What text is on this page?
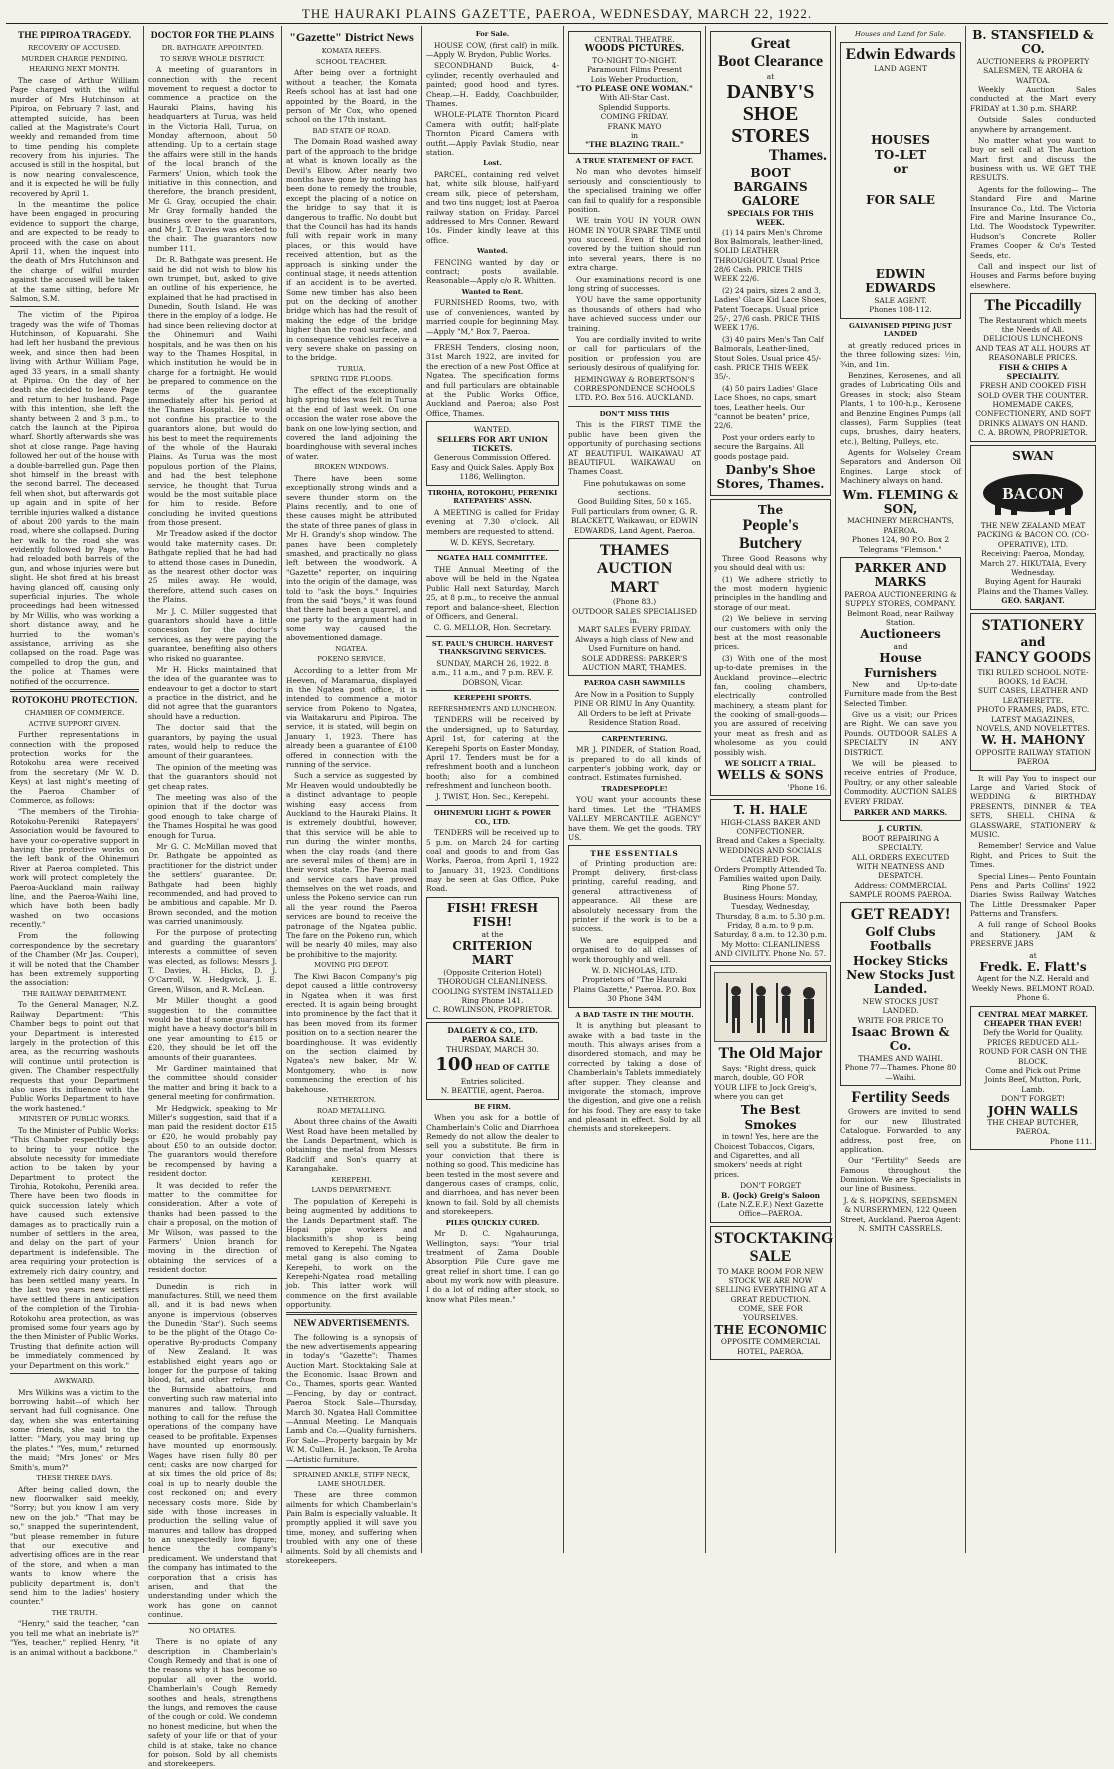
THE HAURAKI PLAINS GAZETTE, PAEROA, WEDNESDAY, MARCH 22, 1922.
THE PIPIROA TRAGEDY.
RECOVERY OF ACCUSED.
MURDER CHARGE PENDING.
HEARING NEXT MONTH.

The case of Arthur William Page charged with the wilful murder of Mrs Hutchinson at Pipiroa, on February 7 last, and attempted suicide, has been called at the Magistrate's Court weekly and remanded from time to time pending his complete recovery from his injuries. The accused is still in the hospital, but is now nearing convalescence, and it is expected he will be fully recovered by April 1.

In the meantime the police have been engaged in procuring evidence to support the charge, and are expected to be ready to proceed with the case on about April 11, when the inquest into the death of Mrs Hutchinson and the charge of wilful murder against the accused will be taken at the same sitting, before Mr Salmon, S.M.

The victim of the Pipiroa tragedy was the wife of Thomas Hutchinson, of Kopuarahi. She had left her husband the previous week, and since then had been living with Arthur William Page, aged 33 years, in a small shanty at Pipiroa. On the day of her death she decided to leave Page and return to her husband. Page with this intention, she left the shanty between 2 and 3 p.m., to catch the launch at the Pipiroa wharf. Shortly afterwards she was shot at close range. Page having followed her out of the house with a double-barrelled gun. Page then shot himself in the breast with the second barrel. The deceased fell when shot, but afterwards got up again and in spite of her terrible injuries walked a distance of about 200 yards to the main road, where she collapsed. During her walk to the road she was evidently followed by Page, who had reloaded both barrels of the gun, and whose injuries were but slight. He shot fired at his breast having glanced off, causing only superficial injuries. The whole proceedings had been witnessed by Mr Willis, who was working a short distance away, and he hurried to the woman's assistance, arriving as she collapsed on the road. Page was compelled to drop the gun, and the police at Thames were notified of the occurrence.

ROTOKOHU PROTECTION.
CHAMBER OF COMMERCE.
ACTIVE SUPPORT GIVEN.

Further representations in connection with the proposed protection works for the Rotokohu area were received from the secretary (Mr W. D. Keys) at last night's meeting of the Paeroa Chamber of Commerce, as follows:

"The members of the Tirohia-Rotokohu-Pereniki Ratepayers' Association would be favoured to have your co-operative support in having the protective works on the left bank of the Ohinemuri River at Paeroa completed. This work will protect completely the Paeroa-Auckland main railway line, and the Paeroa-Waihi line, which have both been badly washed on two occasions recently."

From the following correspondence by the secretary of the Chamber (Mr Jas. Couper), it will be noted that the Chamber has been extremely supporting the association:

THE RAILWAY DEPARTMENT.

To the General Manager, N.Z. Railway Department: "This Chamber begs to point out that your Department is interested largely in the protection of this area, as the recurring washouts will continue until protection is given. The Chamber respectfully requests that your Department also uses its influence with the Public Works Department to have the work hastened."

MINISTER OF PUBLIC WORKS.

To the Minister of Public Works: "This Chamber respectfully begs to bring to your notice the absolute necessity for immediate action to be taken by your Department to protect the Tirohia, Rotokohu, Pereniki area. There have been two floods in quick succession lately which have caused such extensive damages as to practically ruin a number of settlers in the area, and delay on the part of your department is indefensible. The area requiring your protection is extremely rich dairy country, and has been settled many years. In the last two years new settlers have settled there in anticipation of the completion of the Tirohia-Rotokohu area protection, as was promised some four years ago by the then Minister of Public Works. Trusting that definite action will be immediately commenced by your Department on this work."

AWKWARD.

Mrs Wilkins was a victim to the borrowing habit—of which her servant had full cognisance. One day, when she was entertaining some friends, she said to the latter: "Mary, you may bring up the plates." "Yes, mum," returned the maid; "Mrs Jones' or Mrs Smith's, mum?"

THESE THREE DAYS.

After being called down, the new floorwalker said meekly, "Sorry; but you know I am very new on the job." "That may be so," snapped the superintendent, "but please remember in future that our executive and advertising offices are in the rear of the store, and when a man wants to know where the publicity department is, don't send him to the ladies' hosiery counter."

THE TRUTH.

"Henry," said the teacher, "can you tell me what an inebriate is?" "Yes, teacher," replied Henry, "it is an animal without a backbone."

DOCTOR FOR THE PLAINS
DR. BATHGATE APPOINTED.
TO SERVE WHOLE DISTRICT.

A meeting of guarantors in connection with the recent movement to request a doctor to commence a practice on the Hauraki Plains, having his headquarters at Turua, was held in the Victoria Hall, Turua, on Monday afternoon, about 50 attending. Up to a certain stage the affairs were still in the hands of the local branch of the Farmers' Union, which took the initiative in this connection, and therefore, the branch president, Mr G. Gray, occupied the chair. Mr Gray formally handed the business over to the guarantors, and Mr J. T. Davies was elected to the chair. The guarantors now number 111.

Dr. R. Bathgate was present. He said he did not wish to blow his own trumpet, but, asked to give an outline of his experience, he explained that he had practised in Dunedin, South Island. He was there in the employ of a lodge. He had since been relieving doctor at the Ohinemuri and Waihi hospitals, and he was then on his way to the Thames Hospital, in which institution he would be in charge for a fortnight. He would be prepared to commence on the terms of the guarantee immediately after his period at the Thames Hospital. He would not confine his practice to the guarantors alone, but would do his best to meet the requirements of the whole of the Hauraki Plains. As Turua was the most populous portion of the Plains, and had the best telephone service, he thought that Turua would be the most suitable place for him to reside. Before concluding he invited questions from those present.

Mr Treadow asked if the doctor would take maternity cases. Dr. Bathgate replied that he had had to attend those cases in Dunedin, as the nearest other doctor was 25 miles away. He would, therefore, attend such cases on the Plains.

Mr J. C. Miller suggested that guarantors should have a little concession for the doctor's services, as they were paying the guarantee, benefiting also others who risked no guarantee.

Mr H. Hicks maintained that the idea of the guarantee was to endeavour to get a doctor to start a practice in the district, and he did not agree that the guarantors should have a reduction.

The doctor said that the guarantors, by paying the usual rates, would help to reduce the amount of their guarantees.

The opinion of the meeting was that the guarantors should not get cheap rates.

The meeting was also of the opinion that if the doctor was good enough to take charge of the Thames Hospital he was good enough for Turua.

Mr G. C. McMillan moved that Dr. Bathgate be appointed as practitioner for the district under the settlers' guarantee. Dr. Bathgate had been highly recommended, and had proved to be ambitious and capable. Mr D. Brown seconded, and the motion was carried unanimously.

For the purpose of protecting and guarding the guarantors' interests a committee of seven was elected, as follows: Messrs J. T. Davies, H. Hicks, D. J. O'Carroll, W. Hedgwick, J. E. Green, Wilson, and R. McLean.

Mr Miller thought a good suggestion to the committee would be that if some guarantors might have a heavy doctor's bill in one year amounting to £15 or £20, they should be let off the amounts of their guarantees.

Mr Gardiner maintained that the committee should consider the matter and bring it back to a general meeting for confirmation.

Mr Hedgwick, speaking to Mr Miller's suggestion, said that if a man paid the resident doctor £15 or £20, he would probably pay about £50 to an outside doctor. The guarantors would therefore be recompensed by having a resident doctor.

It was decided to refer the matter to the committee for consideration. After a vote of thanks had been passed to the chair a proposal, on the motion of Mr Wilson, was passed to the Farmers' Union branch for moving in the direction of obtaining the services of a resident doctor.

Dunedin is rich in manufactures. Still, we need them all, and it is bad news when anyone is impervious (observes the Dunedin 'Star'). Such seems to be the plight of the Otago Co-operative By-products Company of New Zealand. It was established eight years ago or longer for the purpose of taking blood, fat, and other refuse from the Burnside abattoirs, and converting such raw material into manures and tallow. Through nothing to call for the refuse the operations of the company have ceased to be profitable. Expenses have mounted up enormously. Wages have risen fully 80 per cent; casks are now charged for at six times the old price of 8s; coal is up to nearly double the cost reckoned on; and every necessary costs more. Side by side with those increases in production the selling value of manures and tallow has dropped to an unexpectedly low figure; hence the company's predicament. We understand that the company has intimated to the corporation that a crisis has arisen, and that the understanding under which the work has gone on cannot continue.

NO OPIATES.

There is no opiate of any description in Chamberlain's Cough Remedy and that is one of the reasons why it has become so popular all over the world. Chamberlain's Cough Remedy soothes and heals, strengthens the lungs, and removes the cause of the cough or cold. We condemn no honest medicine, but when the safety of your life or that of your child is at stake, take no chance for poison. Sold by all chemists and storekeepers.

"Gazette" District News
KOMATA REEFS.
SCHOOL TEACHER.

After being over a fortnight without a teacher, the Komata Reefs school has at last had one appointed by the Board, in the person of Mr Cox, who opened school on the 17th instant.

BAD STATE OF ROAD.

The Domain Road washed away part of the approach to the bridge at what is known locally as the Devil's Elbow. After nearly two months have gone by nothing has been done to remedy the trouble, except the placing of a notice on the bridge to say that it is dangerous to traffic. No doubt but that the Council has had its hands full with repair work in many places, or this would have received attention, but as the approach is sinking under the continual stage, it needs attention if an accident is to be averted. Some new timber has also been put on the decking of another bridge which has had the result of making the edge of the bridge higher than the road surface, and in consequence vehicles receive a very severe shake on passing on to the bridge.

TURUA.
SPRING TIDE FLOODS.

The effect of the exceptionally high spring tides was felt in Turua at the end of last week. On one occasion the water rose above the bank on one low-lying section, and covered the land adjoining the boardinghouse with several inches of water.

BROKEN WINDOWS.

There have been some exceptionally strong winds and a severe thunder storm on the Plains recently, and to one of these causes might be attributed the state of three panes of glass in Mr H. Grandy's shop window. The panes have been completely smashed, and practically no glass left between the woodwork. A "Gazette" reporter, on inquiring into the origin of the damage, was told to "ask the boys." Inquiries from the said "boys," it was found that there had been a quarrel, and one party to the argument had in some way caused the abovementioned damage.

NGATEA.
POKENO SERVICE.

According to a letter from Mr Heeven, of Maramarua, displayed in the Ngatea post office, it is intended to commence a motor service from Pokeno to Ngatea, via Waitakaruru and Pipiroa. The service, it is stated, will begin on January 1, 1923. There has already been a guarantee of £100 offered in connection with the running of the service.

Such a service as suggested by Mr Heaven would undoubtedly be a distinct advantage to people wishing easy access from Auckland to the Hauraki Plains. It is extremely doubtful, however, that this service will be able to run during the winter months, when the clay roads (and there are several miles of them) are in their worst state. The Paeroa mail and service cars have proved themselves on the wet roads, and unless the Pokeno service can run all the year round the Paeroa services are bound to receive the patronage of the Ngatea public. The fare on the Pokeno run, which will be nearly 40 miles, may also be prohibitive to the majority.

MOVING PIG DEPOT.

The Kiwi Bacon Company's pig depot caused a little controversy in Ngatea when it was first erected. It is again being brought into prominence by the fact that it has been moved from its former position on to a section nearer the boardinghouse. It was evidently on the section claimed by Ngatea's new baker, Mr W. Montgomery, who is now commencing the erection of his bakehouse.

NETHERTON.
ROAD METALLING.

About three chains of the Awaiti West Road have been metalled by the Lands Department, which is obtaining the metal from Messrs Radcliff and Son's quarry at Karangahake.

KEREPEHI.
LANDS DEPARTMENT.

The population of Kerepehi is being augmented by additions to the Lands Department staff. The Hopai pipe workers and blacksmith's shop is being removed to Kerepehi. The Ngatea metal gang is also coming to Kerepehi, to work on the Kerepehi-Ngatea road metalling job. This latter work will commence on the first available opportunity.

NEW ADVERTISEMENTS.

The following is a synopsis of the new advertisements appearing in today's "Gazette": Thames Auction Mart. Stocktaking Sale at the Economic. Isaac Brown and Co., Thames, sports gear. Wanted—Fencing, by day or contract. Paeroa Stock Sale—Thursday, March 30. Ngatea Hall Committee—Annual Meeting. Le Manquais Lamb and Co.—Quality furnishers. For Sale—Property bargain by Mr W. M. Cullen. H. Jackson, Te Aroha—Artistic furniture.

SPRAINED ANKLE, STIFF NECK, LAME SHOULDER.

These are three common ailments for which Chamberlain's Pain Balm is especially valuable. It promptly applied it will save you time, money, and suffering when troubled with any one of these ailments. Sold by all chemists and storekeepers.

For Sale.

HOUSE COW, (first calf) in milk.—Apply W. Brydon, Public Works.

SECONDHAND Buick, 4-cylinder, recently overhauled and painted; good hood and tyres. Cheap.—H. Eaddy, Coachbuilder, Thames.

WHOLE-PLATE Thornton Picard Camera with outfit; half-plate Thornton Picard Camera with outfit.—Apply Pavlak Studio, near station.

Lost.

PARCEL, containing red velvet hat, white silk blouse, half-yard cream silk, piece of petersham, and two tins nugget; lost at Paeroa railway station on Friday. Parcel addressed to Mrs Conner. Reward 10s. Finder kindly leave at this office.

Wanted.

FENCING wanted by day or contract; posts available. Reasonable—Apply c/o R. Whitten.

Wanted to Rent.

FURNISHED Rooms, two, with use of conveniences, wanted by married couple for beginning May.—Apply "M," Box 7, Paeroa.

FRESH Tenders, closing noon, 31st March 1922, are invited for the erection of a new Post Office at Ngatea. The specification forms and full particulars are obtainable at the Public Works Office, Auckland and Paeroa; also Post Office, Thames.

WANTED.
SELLERS FOR ART UNION TICKETS.
Generous Commission Offered. Easy and Quick Sales. Apply Box 1186, Wellington.
TIROHIA, ROTOKOHU, PERENIKI RATEPAYERS' ASSN.

A MEETING is called for Friday evening at 7.30 o'clock. All members are requested to attend.

W. D. KEYS, Secretary.
NGATEA HALL COMMITTEE.

THE Annual Meeting of the above will be held in the Ngatea Public Hall next Saturday, March 25, at 8 p.m., to receive the annual report and balance-sheet, Election of Officers, and General.

C. G. MELLOR, Hon. Secretary.
ST. PAUL'S CHURCH. HARVEST THANKSGIVING SERVICES.
SUNDAY, MARCH 26, 1922. 8 a.m., 11 a.m., and 7 p.m. REV. F. DOBSON, Vicar.
KEREPEHI SPORTS.
REFRESHMENTS AND LUNCHEON.

TENDERS will be received by the undersigned, up to Saturday, April 1st, for catering at the Kerepehi Sports on Easter Monday, April 17. Tenders must be for a refreshment booth and a luncheon booth; also for a combined refreshment and luncheon booth.

J. TWIST, Hon. Sec., Kerepehi.
OHINEMURI LIGHT & POWER CO., LTD.

TENDERS will be received up to 5 p.m. on March 24 for carting coal and goods to and from Gas Works, Paeroa, from April 1, 1922 to January 31, 1923. Conditions may be seen at Gas Office, Puke Road.

FISH! FRESH FISH!
at the
CRITERION MART
(Opposite Criterion Hotel)
THOROUGH CLEANLINESS.
COOLING SYSTEM INSTALLED
Ring Phone 141.
C. ROWLINSON, PROPRIETOR.
DALGETY & CO., LTD.
PAEROA SALE.
THURSDAY, MARCH 30.
100 HEAD OF CATTLE
Entries solicited.
N. BEATTIE, agent, Paeroa.
BE FIRM.

When you ask for a bottle of Chamberlain's Colic and Diarrhoea Remedy do not allow the dealer to sell you a substitute. Be firm in your conviction that there is nothing so good. This medicine has been tested in the most severe and dangerous cases of cramps, colic, and diarrhoea, and has never been known to fail. Sold by all chemists and storekeepers.

PILES QUICKLY CURED.

Mr D. C. Ngahaurunga, Wellington, says: "Your trial treatment of Zama Double Absorption Pile Cure gave me great relief in short time. I can go about my work now with pleasure. I do a lot of riding after stock, so know what Piles mean."

CENTRAL THEATRE.
WOODS PICTURES.
TO-NIGHT TO-NIGHT.
Paramount Films Present
Lois Weber Production,
"TO PLEASE ONE WOMAN."
With All-Star Cast.
Splendid Supports.
COMING FRIDAY.
FRANK MAYO
in
"THE BLAZING TRAIL."
A TRUE STATEMENT OF FACT.

No man who devotes himself seriously and conscientiously to the specialised training we offer can fail to qualify for a responsible position.

WE train YOU IN YOUR OWN HOME IN YOUR SPARE TIME until you succeed. Even if the period covered by the tuition should run into several years, there is no extra charge.

Our examinations record is one long string of successes.

YOU have the same opportunity as thousands of others had who have achieved success under our training.

You are cordially invited to write or call for particulars of the position or profession you are seriously desirous of qualifying for.

HEMINGWAY & ROBERTSON'S CORRESPONDENCE SCHOOLS LTD. P.O. Box 516. AUCKLAND.
DON'T MISS THIS

This is the FIRST TIME the public have been given the opportunity of purchasing sections AT BEAUTIFUL WAIKAWAU AT BEAUTIFUL WAIKAWAU on Thames Coast.

Fine pohutukawas on some sections.
Good Building Sites, 50 x 165.
Full particulars from owner, G. R. BLACKETT, Waikawau, or EDWIN EDWARDS, Land Agent, Paeroa.
THAMES
AUCTION MART
(Phone 83.)
OUTDOOR SALES SPECIALISED in.
MART SALES EVERY FRIDAY.
Always a high class of New and Used Furniture on hand.
SOLE ADDRESS: PARKER'S AUCTION MART, THAMES.
PAEROA CASH SAWMILLS
Are Now in a Position to Supply PINE OR RIMU In Any Quantity.
All Orders to be left at Private Residence Station Road.
CARPENTERING.

MR J. PINDER, of Station Road, is prepared to do all kinds of carpenter's jobbing work, day or contract. Estimates furnished.

TRADESPEOPLE!

YOU want your accounts these hard times. Let the "THAMES VALLEY MERCANTILE AGENCY" have them. We get the goods. TRY US.

THE ESSENTIALS

of Printing production are: Prompt delivery, first-class printing, careful reading, and general attractiveness of appearance. All these are absolutely necessary from the printer if the work is to be a success.

We are equipped and organised to do all classes of work thoroughly and well.

W. D. NICHOLAS, LTD. Proprietors of "The Hauraki Plains Gazette," Paeroa. P.O. Box 30 Phone 34M
A BAD TASTE IN THE MOUTH.

It is anything but pleasant to awake with a bad taste in the mouth. This always arises from a disordered stomach, and may be corrected by taking a dose of Chamberlain's Tablets immediately after supper. They cleanse and invigorate the stomach, improve the digestion, and give one a relish for his food. They are easy to take and pleasant in effect. Sold by all chemists and storekeepers.

Great
Boot Clearance
at
DANBY'S
SHOE
STORES
Thames.
BOOT BARGAINS
GALORE
SPECIALS FOR THIS WEEK.

(1) 14 pairs Men's Chrome Box Balmorals, leather-lined, SOLID LEATHER THROUGHOUT. Usual Price 28/6 Cash. PRICE THIS WEEK 22/6.

(2) 24 pairs, sizes 2 and 3, Ladies' Glace Kid Lace Shoes, Patent Toecaps. Usual price 25/-, 27/6 cash. PRICE THIS WEEK 17/6.

(3) 40 pairs Men's Tan Calf Balmorals, Leather-lined, Stout Soles. Usual price 45/- cash. PRICE THIS WEEK 35/-.

(4) 50 pairs Ladies' Glace Lace Shoes, no caps, smart toes, Leather heels. Our "cannot be beaten" price, 22/6.

Post your orders early to secure the Bargains. All goods postage paid.

Danby's Shoe Stores, Thames.
The
People's Butchery

Three Good Reasons why you should deal with us:

(1) We adhere strictly to the most modern hygienic principles in the handling and storage of our meat.

(2) We believe in serving our customers with only the best at the most reasonable prices.

(3) With one of the most up-to-date premises in the Auckland province—electric fan, cooling chambers, electrically controlled machinery, a steam plant for the cooking of small-goods—you are assured of receiving your meat as fresh and as wholesome as you could possibly wish.

WE SOLICIT A TRIAL.
WELLS & SONS
'Phone 16.
T. H. HALE
HIGH-CLASS BAKER AND CONFECTIONER.
Bread and Cakes a Specialty.
WEDDINGS AND SOCIALS CATERED FOR.
Orders Promptly Attended To.
Families waited upon Daily.
Ring Phone 57.
Business Hours: Monday, Tuesday, Wednesday, Thursday, 8 a.m. to 5.30 p.m. Friday, 8 a.m. to 9 p.m. Saturday, 8 a.m. to 12.30 p.m.
My Motto: CLEANLINESS AND CIVILITY. Phone No. 57.
The Old Major

Says: "Right dress, quick march, double, GO FOR YOUR LIFE to Jock Greig's, where you can get

The Best Smokes

in town! Yes, here are the Choicest Tobaccos, Cigars, and Cigarettes, and all smokers' needs at right prices.

DON'T FORGET
B. (Jock) Greig's Saloon
(Late N.Z.E.F.) Next Gazette Office—PAEROA.
STOCKTAKING
SALE
TO MAKE ROOM FOR NEW STOCK WE ARE NOW SELLING EVERYTHING AT A GREAT REDUCTION.
COME, SEE FOR YOURSELVES.
THE ECONOMIC
OPPOSITE COMMERCIAL HOTEL, PAEROA.
Houses and Land for Sale.
Edwin Edwards
LAND AGENT
HOUSES
TO-LET
or
FOR SALE
EDWIN EDWARDS
SALE AGENT.
Phones 108-112.
GALVANISED PIPING JUST LANDED

at greatly reduced prices in the three following sizes: ½in, ¾in, and 1in.

Benzines, Kerosenes, and all grades of Lubricating Oils and Greases in stock; also Steam Plants, 1 to 100-h.p., Kerosene and Benzine Engines Pumps (all classes), Farm Supplies (teat cups, brushes, dairy heaters, etc.), Belting, Pulleys, etc.

Agents for Wolseley Cream Separators and Anderson Oil Engines. Large stock of Machinery always on hand.

Wm. FLEMING & SON,
MACHINERY MERCHANTS, PAEROA.
Phones 124, 90 P.O. Box 2
Telegrams "Flemson."
PARKER AND MARKS
PAEROA AUCTIONEERING & SUPPLY STORES, COMPANY. Belmont Road, near Railway Station.
Auctioneers
and
House Furnishers

New and Up-to-date Furniture made from the Best Selected Timber.

Give us a visit; our Prices are Right. We can save you Pounds. OUTDOOR SALES A SPECIALTY IN ANY DISTRICT.

We will be pleased to receive entries of Produce, Poultry, or any other saleable Commodity. AUCTION SALES EVERY FRIDAY.

PARKER AND MARKS.
J. CURTIN.
BOOT REPAIRING A SPECIALTY.
ALL ORDERS EXECUTED WITH NEATNESS AND DESPATCH.
Address: COMMERCIAL SAMPLE ROOMS PAEROA.
GET READY!
Golf Clubs
Footballs
Hockey Sticks
New Stocks Just Landed.
NEW STOCKS JUST LANDED.
WRITE FOR PRICE TO
Isaac Brown & Co.
THAMES AND WAIHI.
Phone 77—Thames. Phone 80—Waihi.
Fertility Seeds

Growers are invited to send for our new Illustrated Catalogue. Forwarded to any address, post free, on application.

Our "Fertility" Seeds are Famous throughout the Dominion. We are Specialists in our line of Business.

J. & S. HOPKINS, SEEDSMEN & NURSERYMEN, 122 Queen Street, Auckland. Paeroa Agent: N. SMITH CASSRELS.
B. STANSFIELD & CO.
AUCTIONEERS & PROPERTY SALESMEN, TE AROHA & WAITOA.

Weekly Auction Sales conducted at the Mart every FRIDAY at 1.30 p.m. SHARP.

Outside Sales conducted anywhere by arrangement.

No matter what you want to buy or sell call at The Auction Mart first and discuss the business with us. WE GET THE RESULTS.

Agents for the following— The Standard Fire and Marine Insurance Co., Ltd. The Victoria Fire and Marine Insurance Co., Ltd. The Woodstock Typewriter. Hudson's Concrete Roller Frames Cooper & Co's Tested Seeds, etc.

Call and inspect our list of Houses and Farms before buying elsewhere.

The Piccadilly
The Restaurant which meets the Needs of All.
DELICIOUS LUNCHEONS AND TEAS AT ALL HOURS AT REASONABLE PRICES.
FISH & CHIPS A SPECIALITY.
FRESH AND COOKED FISH SOLD OVER THE COUNTER.
HOMEMADE CAKES, CONFECTIONERY, AND SOFT DRINKS ALWAYS ON HAND.
C. A. BROWN, PROPRIETOR.
SWAN
BACON
THE NEW ZEALAND MEAT PACKING & BACON CO. (CO-OPERATIVE), LTD.
Receiving: Paeroa, Monday, March 27. HIKUTAIA, Every Wednesday.
Buying Agent for Hauraki Plains and the Thames Valley.
GEO. SARJANT.
STATIONERY
and
FANCY GOODS
TIKI RULED SCHOOL NOTE-BOOKS, 1d EACH.
SUIT CASES, LEATHER AND LEATHERETTE.
PHOTO FRAMES, PADS, ETC.
LATEST MAGAZINES, NOVELS, AND NOVELETTES.
W. H. MAHONY
OPPOSITE RAILWAY STATION PAEROA

It will Pay You to inspect our Large and Varied Stock of WEDDING & BIRTHDAY PRESENTS, DINNER & TEA SETS, SHELL CHINA & GLASSWARE, STATIONERY & MUSIC.

Remember! Service and Value Right, and Prices to Suit the Times.

Special Lines— Pento Fountain Pens and Parts Collins' 1922 Diaries Swiss Railway Watches The Little Dressmaker Paper Patterns and Transfers.

A full range of School Books and Stationery. JAM & PRESERVE JARS

at
Fredk. E. Flatt's
Agent for the N.Z. Herald and Weekly News. BELMONT ROAD. Phone 6.
CENTRAL MEAT MARKET.
CHEAPER THAN EVER!
Defy the World for Quality.
PRICES REDUCED ALL-ROUND FOR CASH ON THE BLOCK.
Come and Pick out Prime Joints Beef, Mutton, Pork, Lamb.
DON'T FORGET!
JOHN WALLS
THE CHEAP BUTCHER, PAEROA.
Phone 111.
